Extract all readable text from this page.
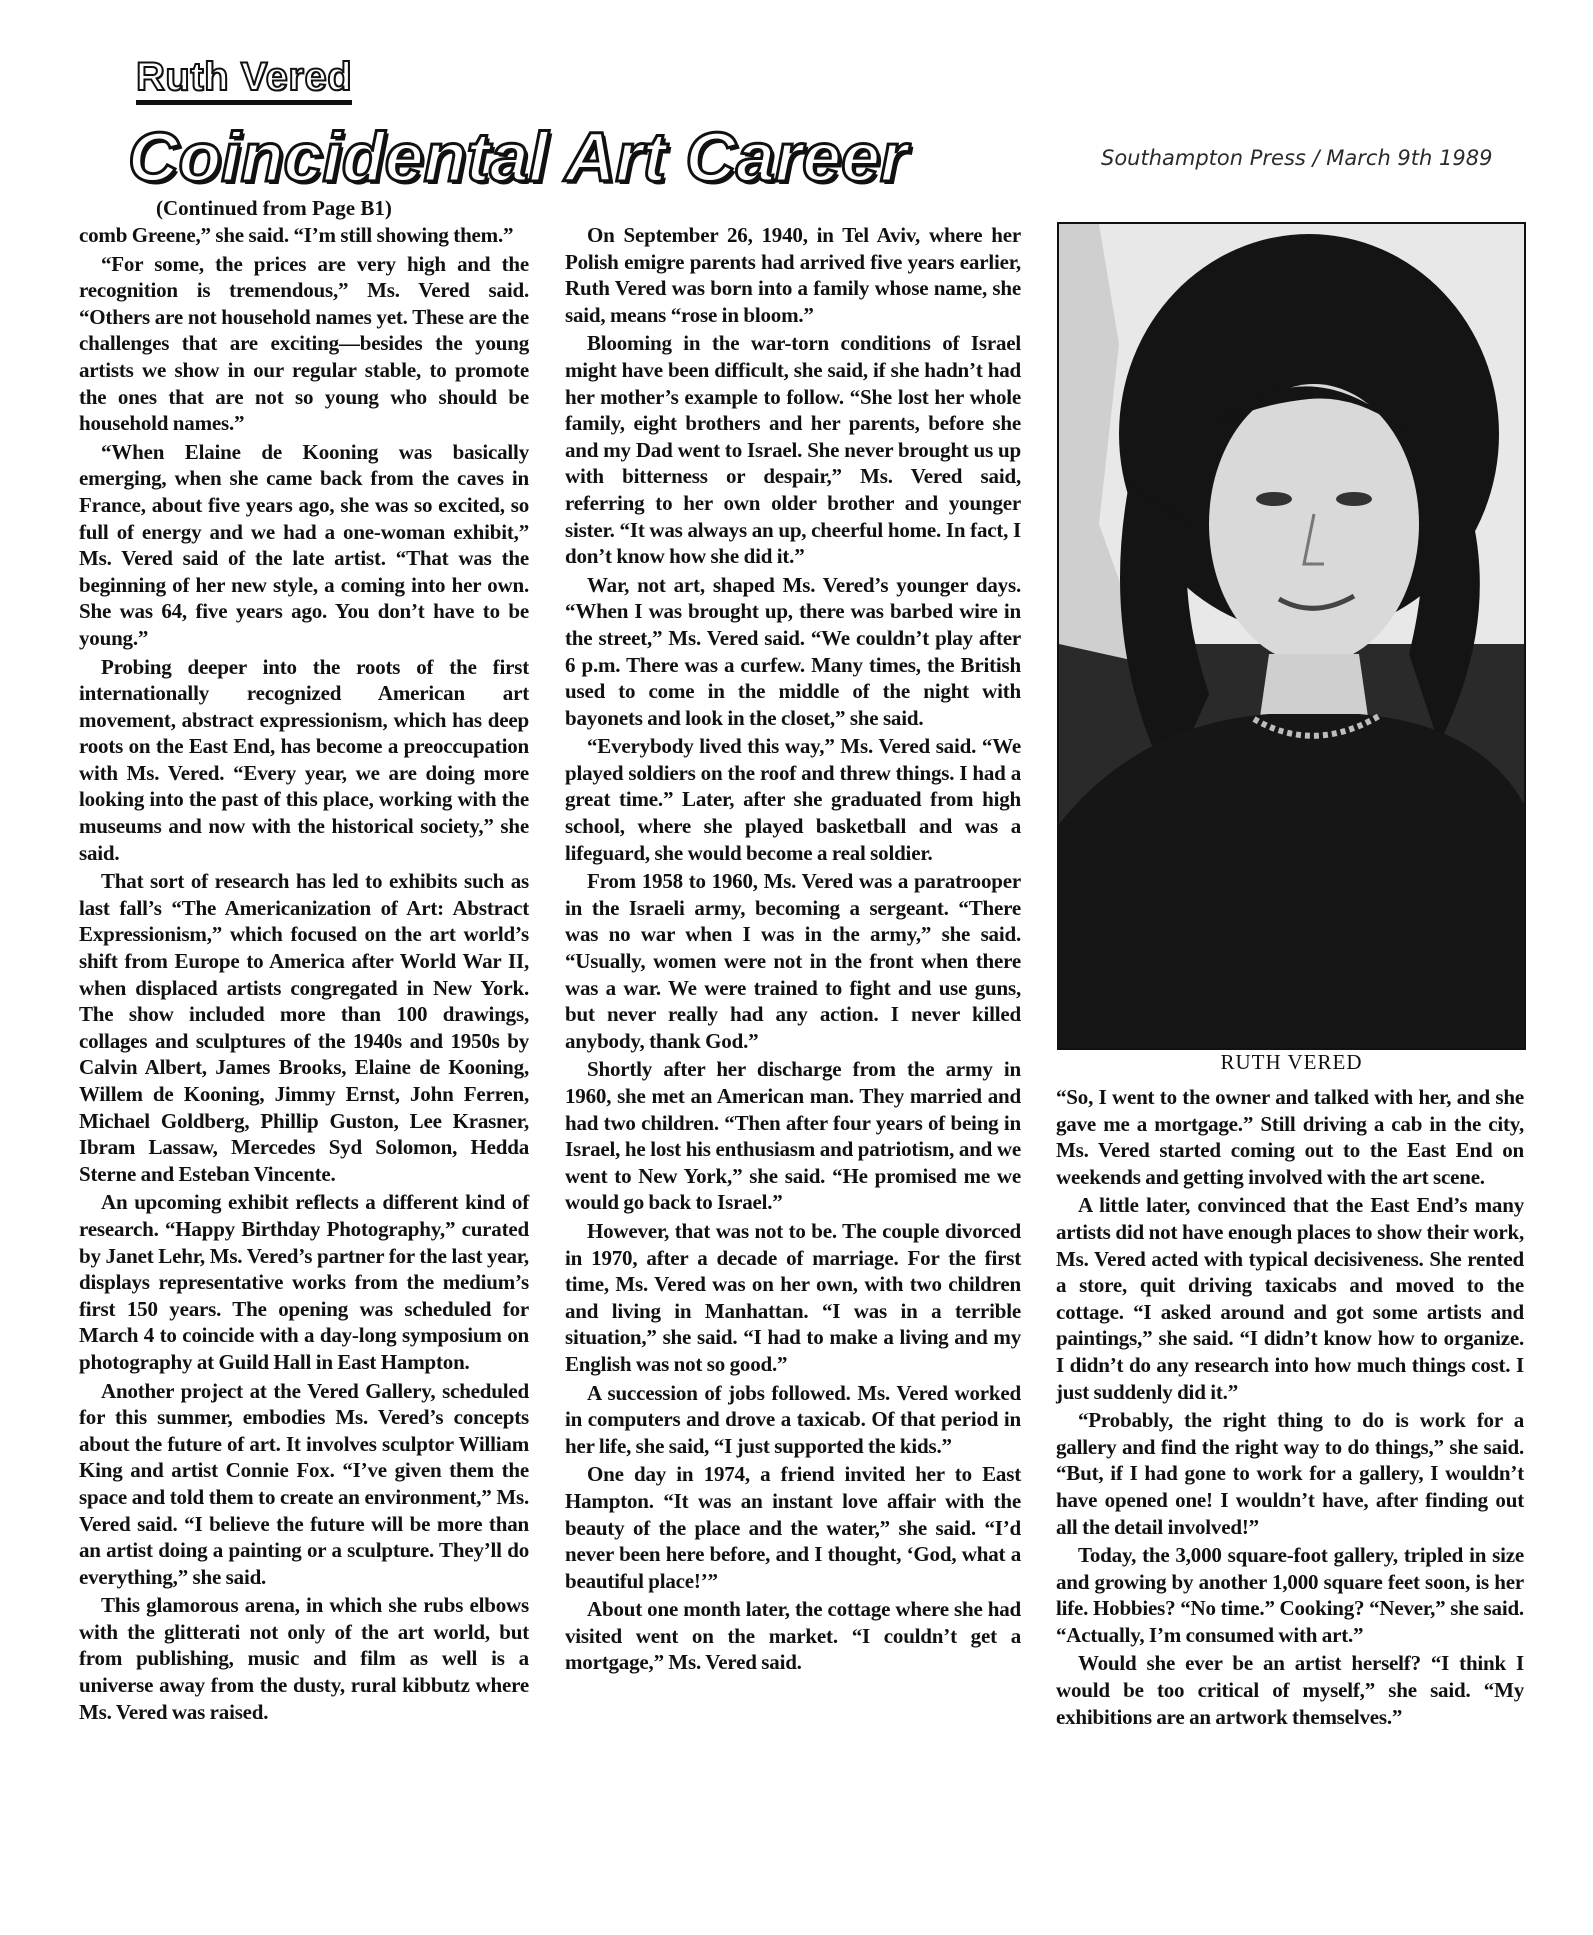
Ruth Vered
Coincidental Art Career	Southampton Press / March 9th 1989
(Continued from Page B1)

comb Greene,” she said. “I’m still showing them.”

“For some, the prices are very high and the recognition is tremendous,” Ms. Vered said. “Others are not household names yet. These are the challenges that are exciting—besides the young artists we show in our regular stable, to promote the ones that are not so young who should be household names.”

“When Elaine de Kooning was basically emerging, when she came back from the caves in France, about five years ago, she was so excited, so full of energy and we had a one-woman exhibit,” Ms. Vered said of the late artist. “That was the beginning of her new style, a coming into her own. She was 64, five years ago. You don’t have to be young.”

Probing deeper into the roots of the first internationally recognized American art movement, abstract expressionism, which has deep roots on the East End, has become a preoccupation with Ms. Vered. “Every year, we are doing more looking into the past of this place, working with the museums and now with the historical society,” she said.

That sort of research has led to exhibits such as last fall’s “The Americanization of Art: Abstract Expressionism,” which focused on the art world’s shift from Europe to America after World War II, when displaced artists congregated in New York. The show included more than 100 drawings, collages and sculptures of the 1940s and 1950s by Calvin Albert, James Brooks, Elaine de Kooning, Willem de Kooning, Jimmy Ernst, John Ferren, Michael Goldberg, Phillip Guston, Lee Krasner, Ibram Lassaw, Mercedes Syd Solomon, Hedda Sterne and Esteban Vincente.

An upcoming exhibit reflects a different kind of research. “Happy Birthday Photography,” curated by Janet Lehr, Ms. Vered’s partner for the last year, displays representative works from the medium’s first 150 years. The opening was scheduled for March 4 to coincide with a day-long symposium on photography at Guild Hall in East Hampton.

Another project at the Vered Gallery, scheduled for this summer, embodies Ms. Vered’s concepts about the future of art. It involves sculptor William King and artist Connie Fox. “I’ve given them the space and told them to create an environment,” Ms. Vered said. “I believe the future will be more than an artist doing a painting or a sculpture. They’ll do everything,” she said.

This glamorous arena, in which she rubs elbows with the glitterati not only of the art world, but from publishing, music and film as well is a universe away from the dusty, rural kibbutz where Ms. Vered was raised.

On September 26, 1940, in Tel Aviv, where her Polish emigre parents had arrived five years earlier, Ruth Vered was born into a family whose name, she said, means “rose in bloom.”

Blooming in the war-torn conditions of Israel might have been difficult, she said, if she hadn’t had her mother’s example to follow. “She lost her whole family, eight brothers and her parents, before she and my Dad went to Israel. She never brought us up with bitterness or despair,” Ms. Vered said, referring to her own older brother and younger sister. “It was always an up, cheerful home. In fact, I don’t know how she did it.”

War, not art, shaped Ms. Vered’s younger days. “When I was brought up, there was barbed wire in the street,” Ms. Vered said. “We couldn’t play after 6 p.m. There was a curfew. Many times, the British used to come in the middle of the night with bayonets and look in the closet,” she said.

“Everybody lived this way,” Ms. Vered said. “We played soldiers on the roof and threw things. I had a great time.” Later, after she graduated from high school, where she played basketball and was a lifeguard, she would become a real soldier.

From 1958 to 1960, Ms. Vered was a paratrooper in the Israeli army, becoming a sergeant. “There was no war when I was in the army,” she said. “Usually, women were not in the front when there was a war. We were trained to fight and use guns, but never really had any action. I never killed anybody, thank God.”

Shortly after her discharge from the army in 1960, she met an American man. They married and had two children. “Then after four years of being in Israel, he lost his enthusiasm and patriotism, and we went to New York,” she said. “He promised me we would go back to Israel.”

However, that was not to be. The couple divorced in 1970, after a decade of marriage. For the first time, Ms. Vered was on her own, with two children and living in Manhattan. “I was in a terrible situation,” she said. “I had to make a living and my English was not so good.”

A succession of jobs followed. Ms. Vered worked in computers and drove a taxicab. Of that period in her life, she said, “I just supported the kids.”

One day in 1974, a friend invited her to East Hampton. “It was an instant love affair with the beauty of the place and the water,” she said. “I’d never been here before, and I thought, ‘God, what a beautiful place!’”

About one month later, the cottage where she had visited went on the market. “I couldn’t get a mortgage,” Ms. Vered said.

RUTH VERED

“So, I went to the owner and talked with her, and she gave me a mortgage.” Still driving a cab in the city, Ms. Vered started coming out to the East End on weekends and getting involved with the art scene.

A little later, convinced that the East End’s many artists did not have enough places to show their work, Ms. Vered acted with typical decisiveness. She rented a store, quit driving taxicabs and moved to the cottage. “I asked around and got some artists and paintings,” she said. “I didn’t know how to organize. I didn’t do any research into how much things cost. I just suddenly did it.”

“Probably, the right thing to do is work for a gallery and find the right way to do things,” she said. “But, if I had gone to work for a gallery, I wouldn’t have opened one! I wouldn’t have, after finding out all the detail involved!”

Today, the 3,000 square-foot gallery, tripled in size and growing by another 1,000 square feet soon, is her life. Hobbies? “No time.” Cooking? “Never,” she said. “Actually, I’m consumed with art.”

Would she ever be an artist herself? “I think I would be too critical of myself,” she said. “My exhibitions are an artwork themselves.”
